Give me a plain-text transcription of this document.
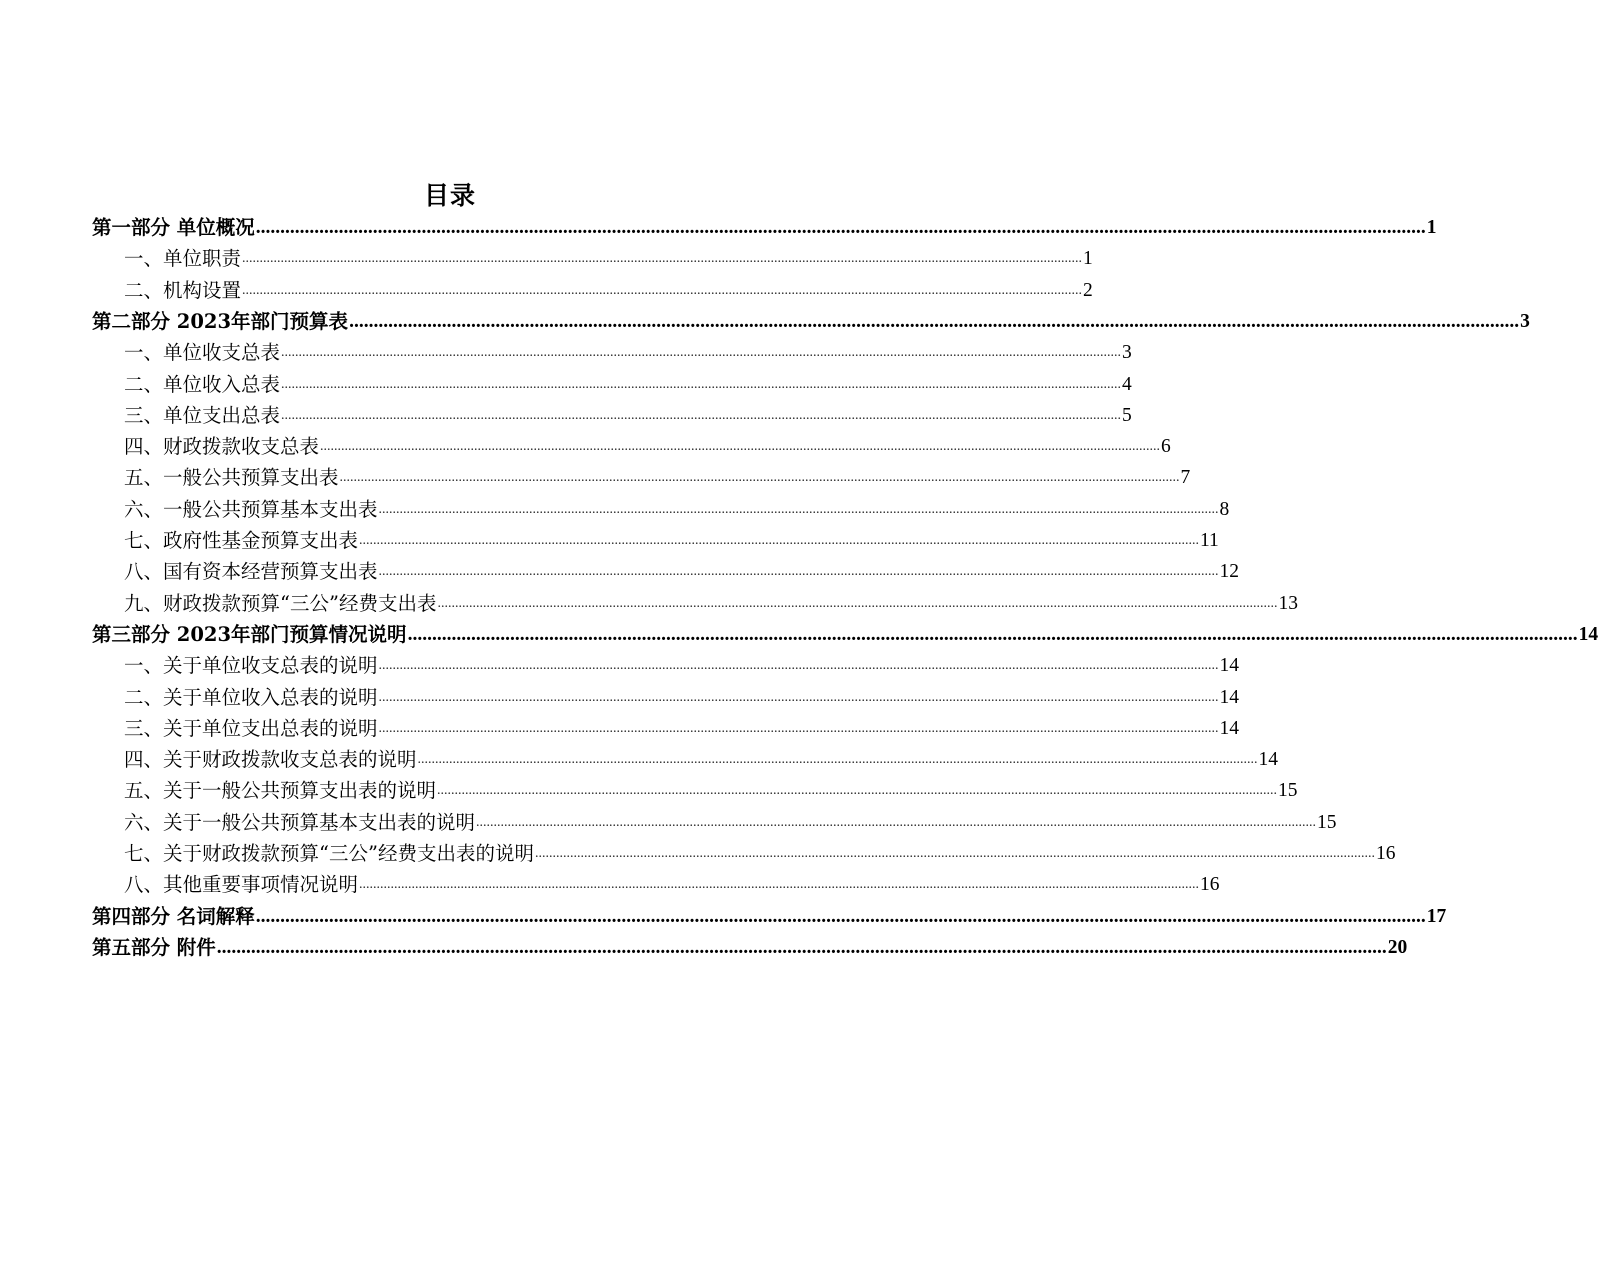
目录
第一部分 单位概况 ................................................................................................................................................................................................................................................ 1
一、单位职责 ................................................................................................................................................................................................................................................ 1
二、机构设置 ................................................................................................................................................................................................................................................ 2
第二部分 2023年部门预算表 ................................................................................................................................................................................................................................................ 3
一、单位收支总表 ................................................................................................................................................................................................................................................ 3
二、单位收入总表 ................................................................................................................................................................................................................................................ 4
三、单位支出总表 ................................................................................................................................................................................................................................................ 5
四、财政拨款收支总表 ................................................................................................................................................................................................................................................ 6
五、一般公共预算支出表 ................................................................................................................................................................................................................................................ 7
六、一般公共预算基本支出表 ................................................................................................................................................................................................................................................ 8
七、政府性基金预算支出表 ................................................................................................................................................................................................................................................ 11
八、国有资本经营预算支出表 ................................................................................................................................................................................................................................................ 12
九、财政拨款预算“三公”经费支出表 ................................................................................................................................................................................................................................................ 13
第三部分 2023年部门预算情况说明 ................................................................................................................................................................................................................................................ 14
一、关于单位收支总表的说明 ................................................................................................................................................................................................................................................ 14
二、关于单位收入总表的说明 ................................................................................................................................................................................................................................................ 14
三、关于单位支出总表的说明 ................................................................................................................................................................................................................................................ 14
四、关于财政拨款收支总表的说明 ................................................................................................................................................................................................................................................ 14
五、关于一般公共预算支出表的说明 ................................................................................................................................................................................................................................................ 15
六、关于一般公共预算基本支出表的说明 ................................................................................................................................................................................................................................................ 15
七、关于财政拨款预算“三公”经费支出表的说明 ................................................................................................................................................................................................................................................ 16
八、其他重要事项情况说明 ................................................................................................................................................................................................................................................ 16
第四部分 名词解释 ................................................................................................................................................................................................................................................ 17
第五部分 附件 ................................................................................................................................................................................................................................................ 20
